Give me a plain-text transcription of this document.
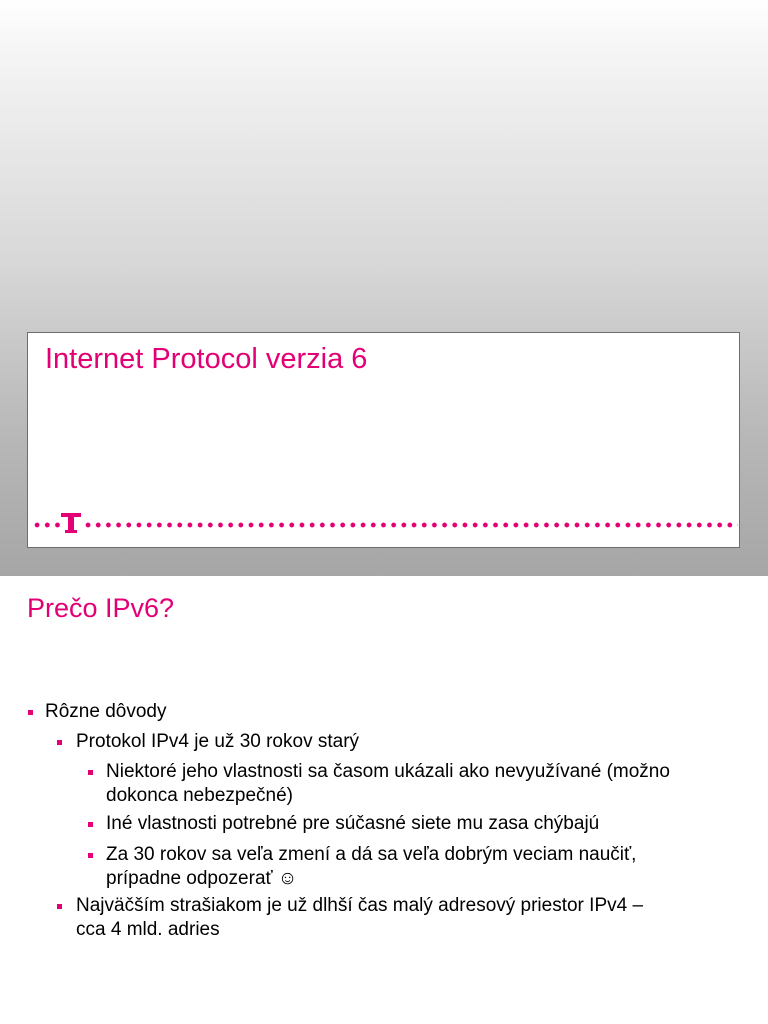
Internet Protocol verzia 6
Prečo IPv6?
Rôzne dôvody
Protokol IPv4 je už 30 rokov starý
Niektoré jeho vlastnosti sa časom ukázali ako nevyužívané (možno
dokonca nebezpečné)
Iné vlastnosti potrebné pre súčasné siete mu zasa chýbajú
Za 30 rokov sa veľa zmení a dá sa veľa dobrým veciam naučiť,
prípadne odpozerať ☺
Najväčším strašiakom je už dlhší čas malý adresový priestor IPv4 –
cca 4 mld. adries
